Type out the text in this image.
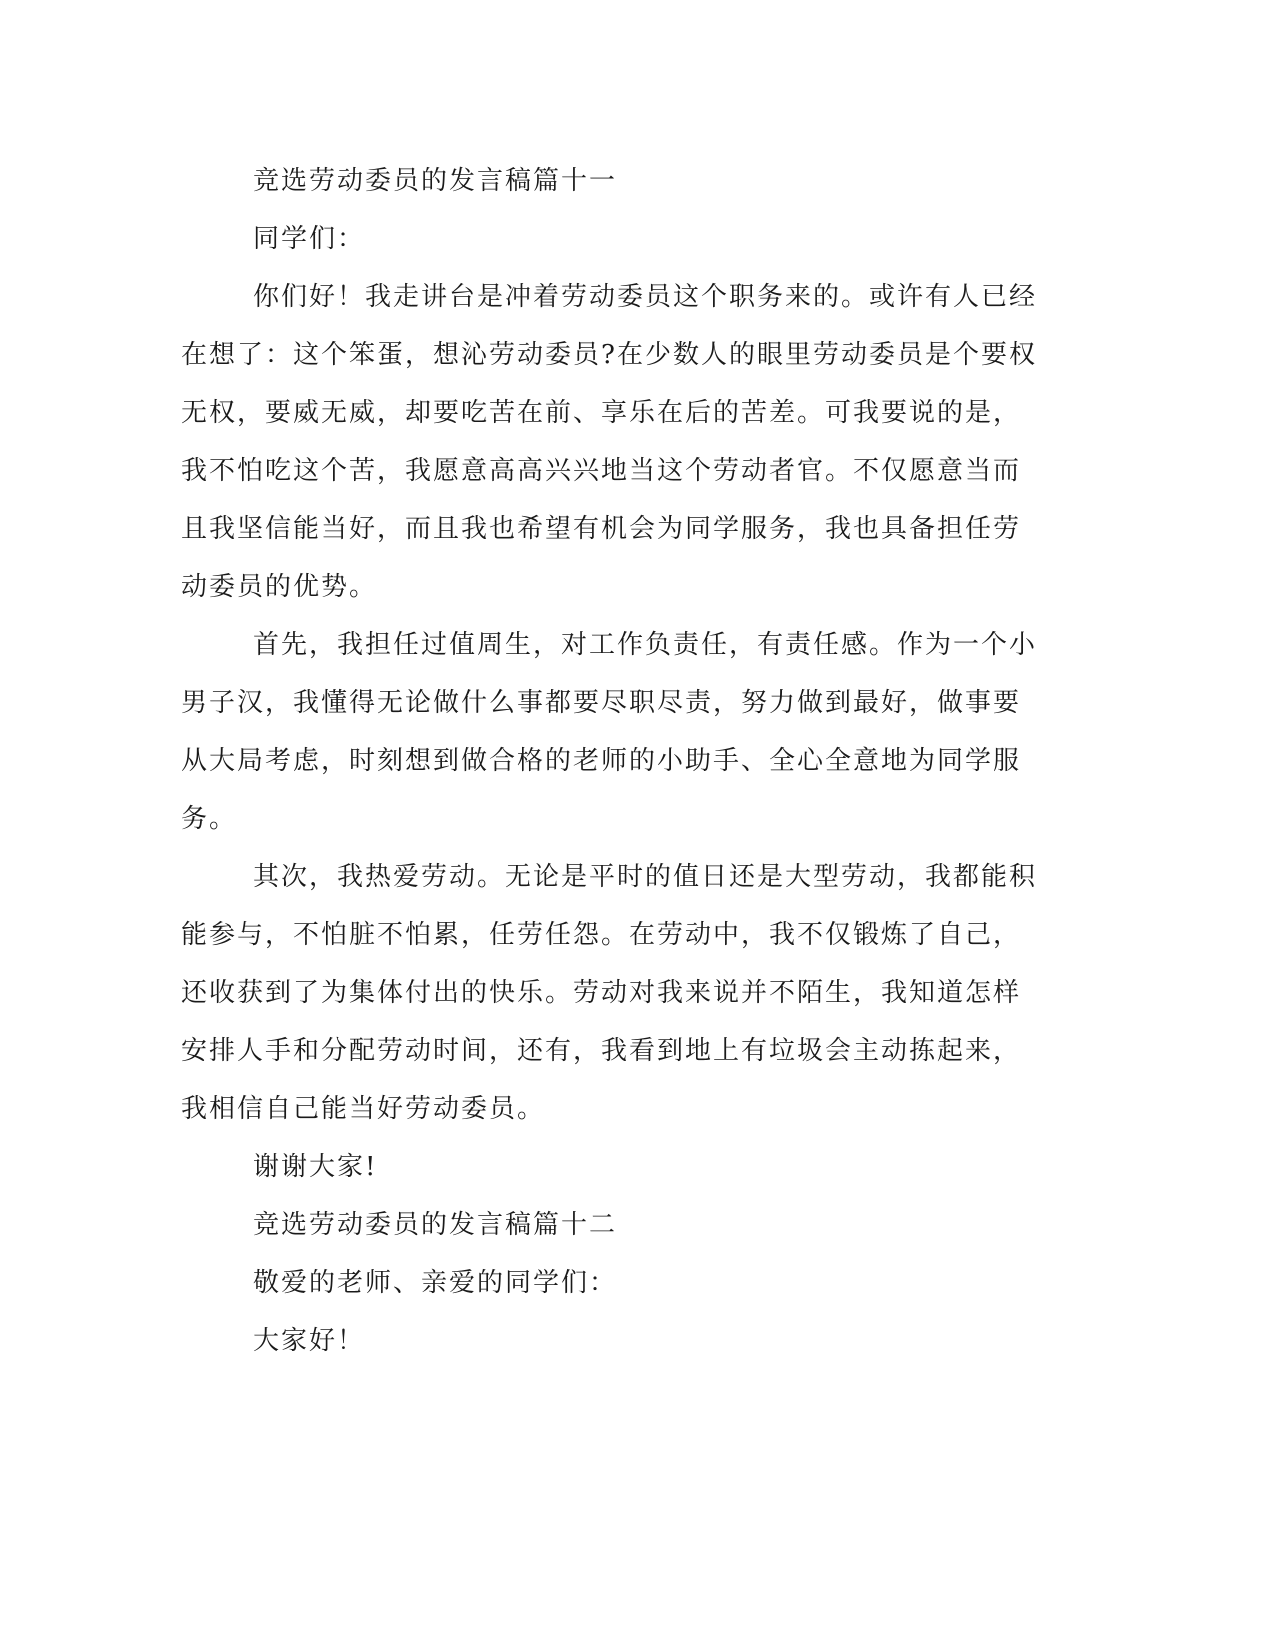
竞选劳动委员的发言稿篇十一

同学们：

你们好！我走讲台是冲着劳动委员这个职务来的。或许有人已经
在想了：这个笨蛋，想沁劳动委员?在少数人的眼里劳动委员是个要权
无权，要威无威，却要吃苦在前、享乐在后的苦差。可我要说的是，
我不怕吃这个苦，我愿意高高兴兴地当这个劳动者官。不仅愿意当而
且我坚信能当好，而且我也希望有机会为同学服务，我也具备担任劳
动委员的优势。
首先，我担任过值周生，对工作负责任，有责任感。作为一个小
男子汉，我懂得无论做什么事都要尽职尽责，努力做到最好，做事要
从大局考虑，时刻想到做合格的老师的小助手、全心全意地为同学服
务。
其次，我热爱劳动。无论是平时的值日还是大型劳动，我都能积
能参与，不怕脏不怕累，任劳任怨。在劳动中，我不仅锻炼了自己，
还收获到了为集体付出的快乐。劳动对我来说并不陌生，我知道怎样
安排人手和分配劳动时间，还有，我看到地上有垃圾会主动拣起来，
我相信自己能当好劳动委员。

谢谢大家!

竞选劳动委员的发言稿篇十二

敬爱的老师、亲爱的同学们：

大家好！
